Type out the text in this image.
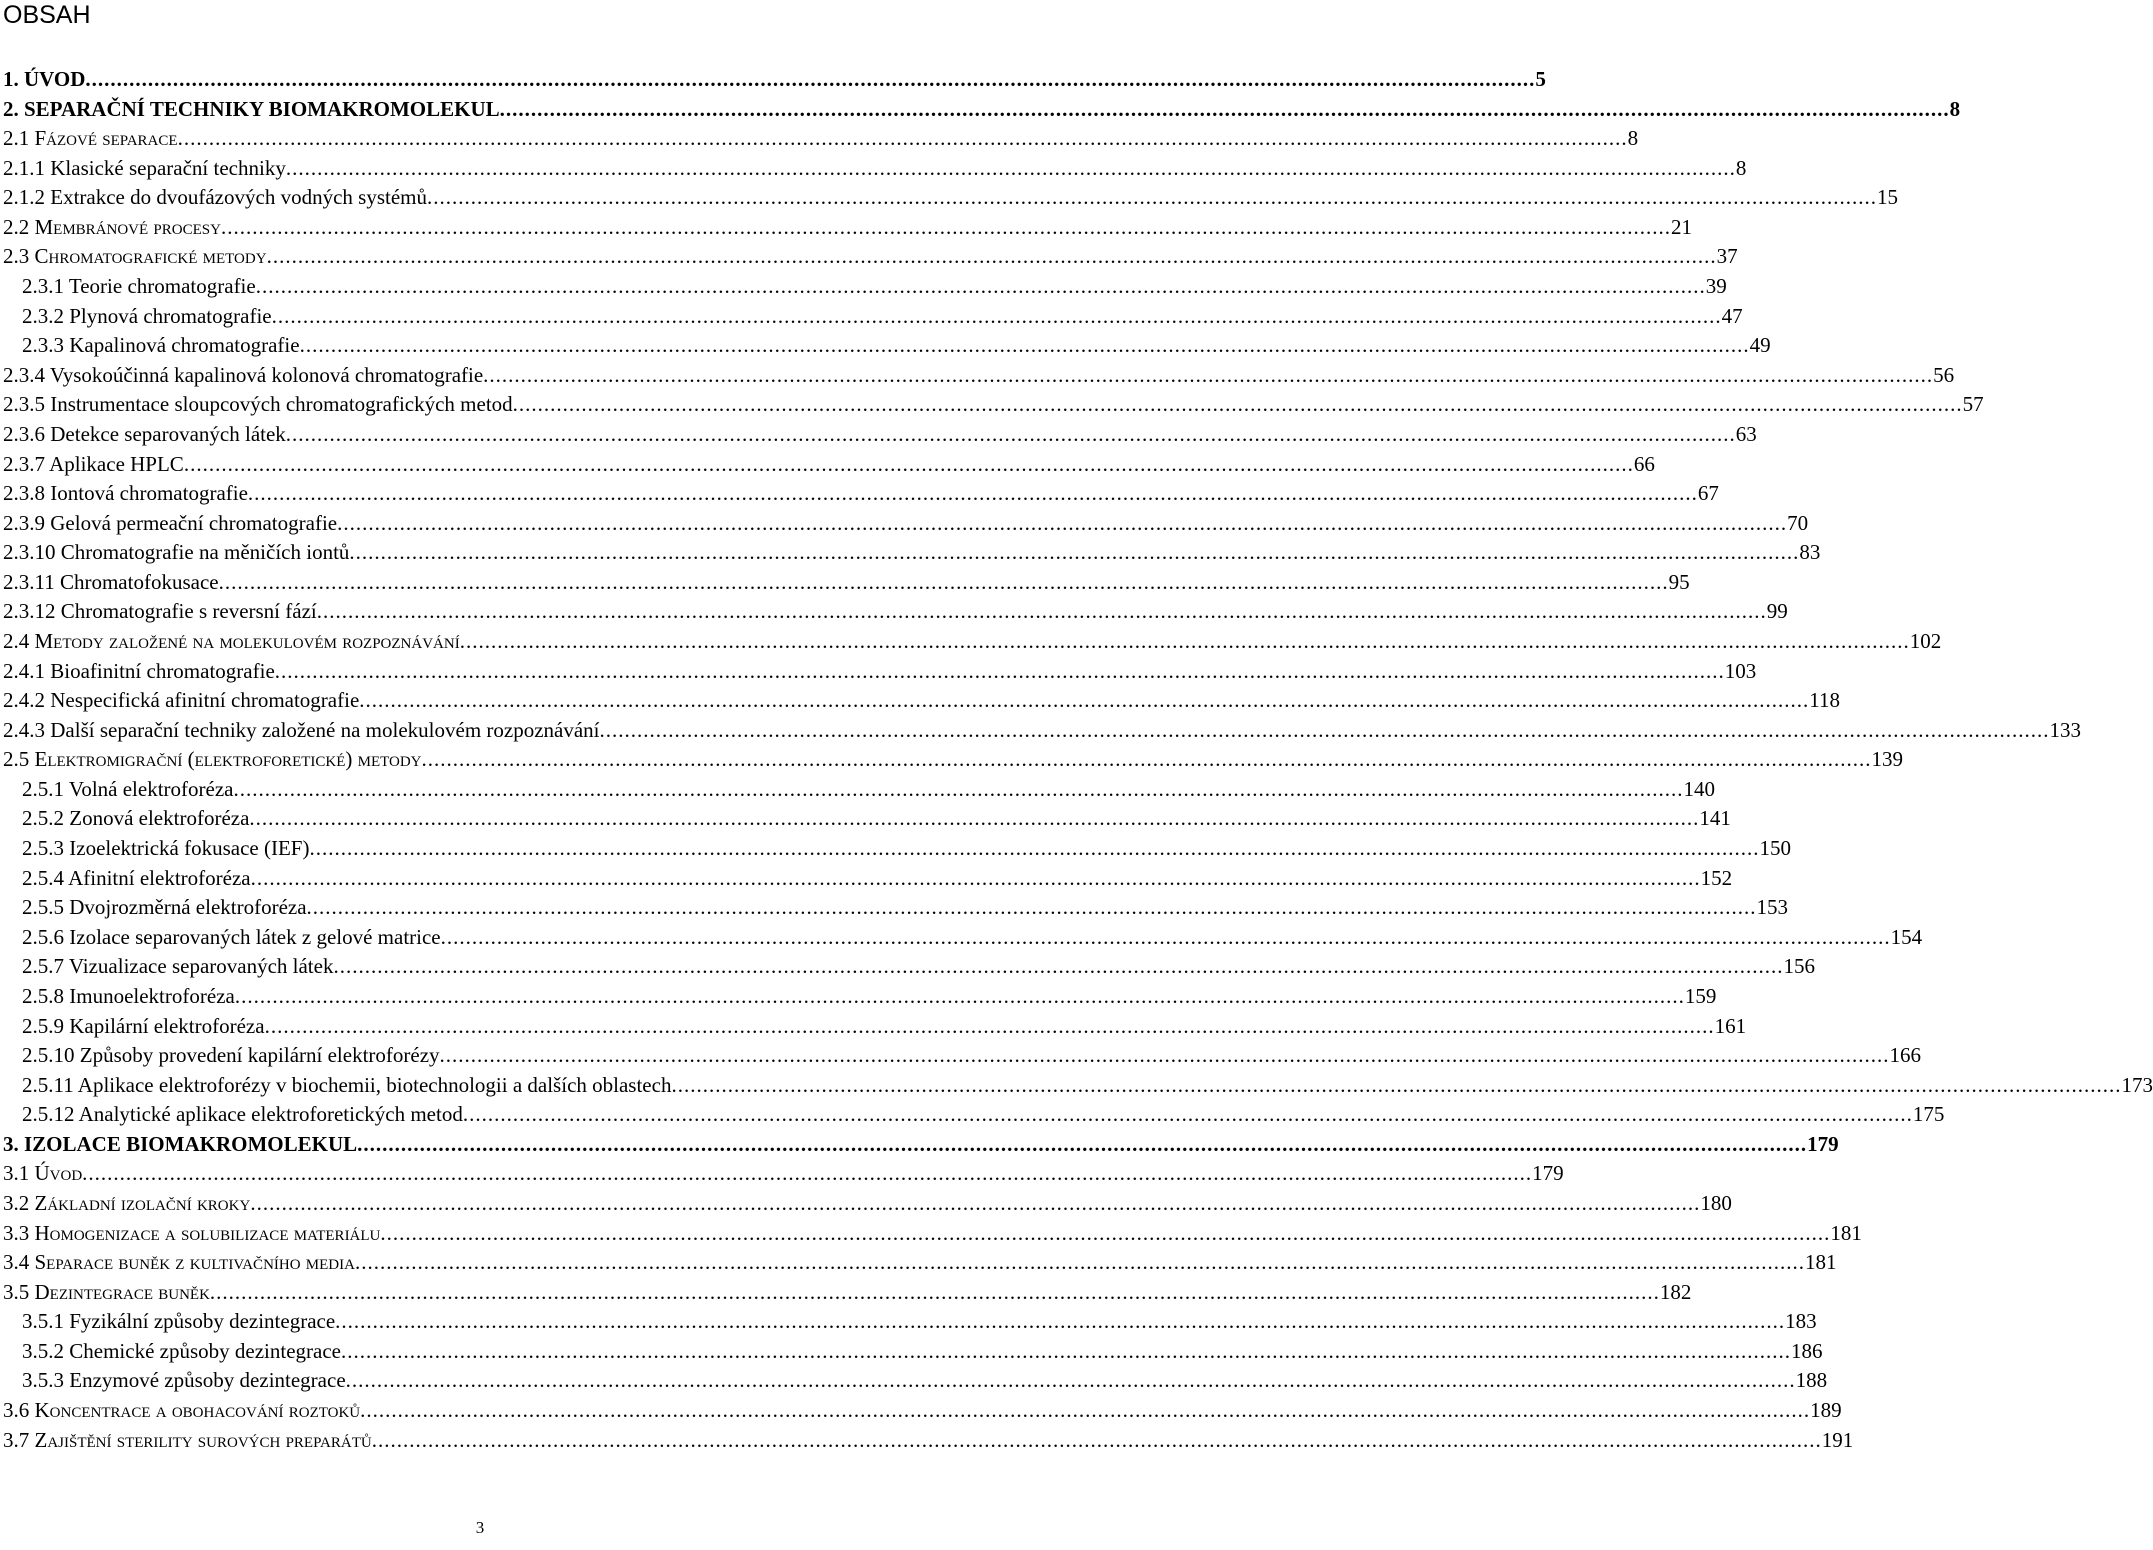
OBSAH
1. ÚVOD .....	5
2. SEPARAČNÍ TECHNIKY BIOMAKROMOLEKUL .....	8
2.1 Fázové separace .....	8
2.1.1 Klasické separační techniky .....	8
2.1.2 Extrakce do dvoufázových vodných systémů .....	15
2.2 Membránové procesy .....	21
2.3 Chromatografické metody .....	37
2.3.1 Teorie chromatografie .....	39
2.3.2 Plynová chromatografie .....	47
2.3.3 Kapalinová chromatografie .....	49
2.3.4 Vysokoúčinná kapalinová kolonová chromatografie .....	56
2.3.5 Instrumentace sloupcových chromatografických metod .....	57
2.3.6 Detekce separovaných látek .....	63
2.3.7 Aplikace HPLC .....	66
2.3.8 Iontová chromatografie .....	67
2.3.9 Gelová permeační chromatografie .....	70
2.3.10 Chromatografie na měničích iontů .....	83
2.3.11 Chromatofokusace .....	95
2.3.12 Chromatografie s reversní fází .....	99
2.4 Metody založené na molekulovém rozpoznávání .....	102
2.4.1 Bioafinitní chromatografie .....	103
2.4.2 Nespecifická afinitní chromatografie .....	118
2.4.3 Další separační techniky založené na molekulovém rozpoznávání .....	133
2.5 Elektromigrační (elektroforetické) metody .....	139
2.5.1 Volná elektroforéza .....	140
2.5.2 Zonová elektroforéza .....	141
2.5.3 Izoelektrická fokusace (IEF) .....	150
2.5.4 Afinitní elektroforéza .....	152
2.5.5 Dvojrozměrná elektroforéza .....	153
2.5.6 Izolace separovaných látek z gelové matrice .....	154
2.5.7 Vizualizace separovaných látek .....	156
2.5.8 Imunoelektroforéza .....	159
2.5.9 Kapilární elektroforéza .....	161
2.5.10 Způsoby provedení kapilární elektroforézy .....	166
2.5.11 Aplikace elektroforézy v biochemii, biotechnologii a dalších oblastech .....	173
2.5.12 Analytické aplikace elektroforetických metod .....	175
3. IZOLACE BIOMAKROMOLEKUL .....	179
3.1 Úvod .....	179
3.2 Základní izolační kroky .....	180
3.3 Homogenizace a solubilizace materiálu .....	181
3.4 Separace buněk z kultivačního media .....	181
3.5 Dezintegrace buněk .....	182
3.5.1 Fyzikální způsoby dezintegrace .....	183
3.5.2 Chemické způsoby dezintegrace .....	186
3.5.3 Enzymové způsoby dezintegrace .....	188
3.6 Koncentrace a obohacování roztoků .....	189
3.7 Zajištění sterility surových preparátů .....	191
3
